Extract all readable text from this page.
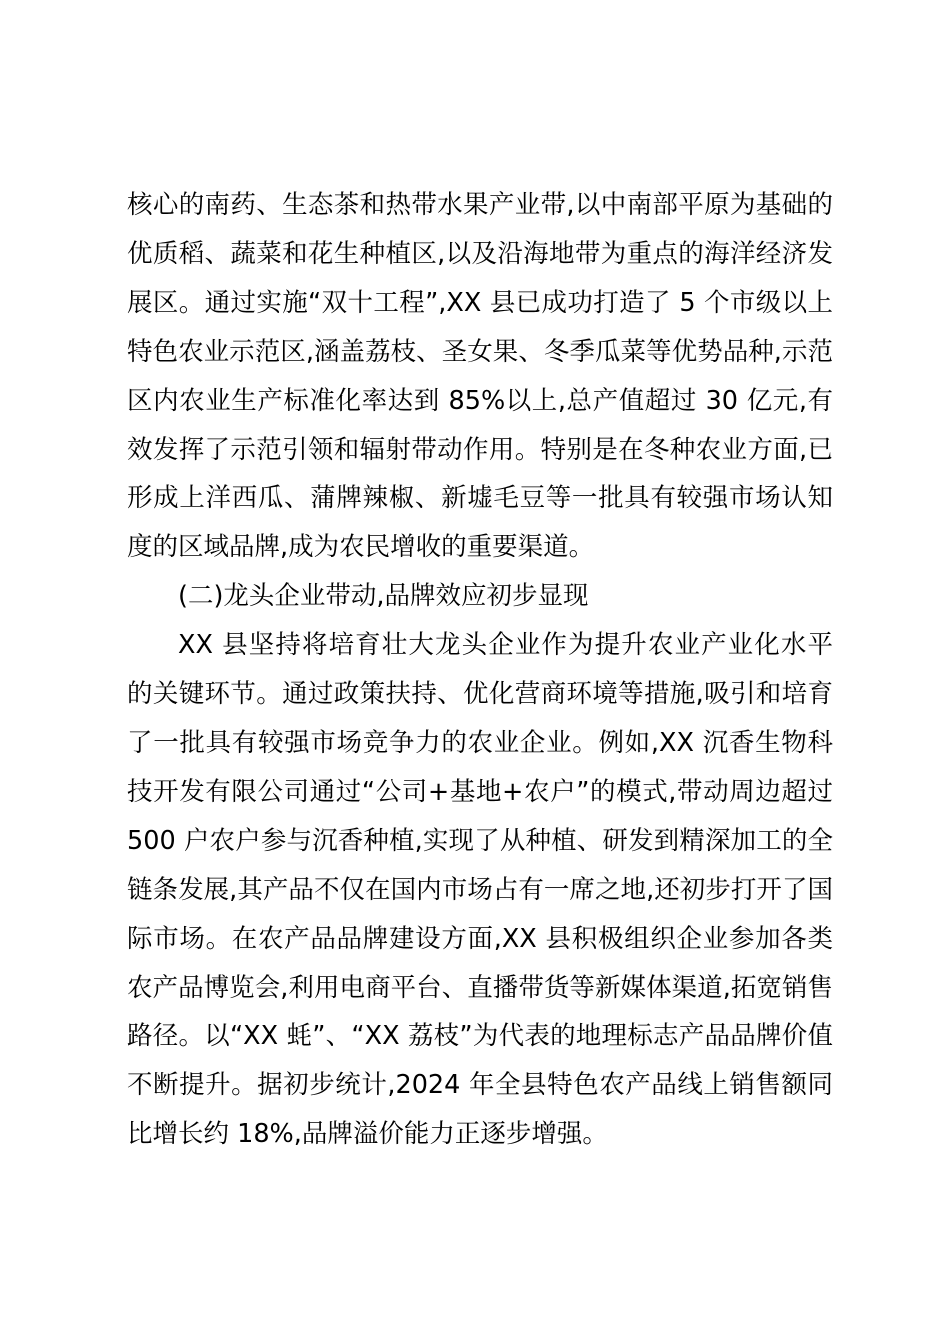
核心的南药、生态茶和热带水果产业带,以中南部平原为基础的优质稻、蔬菜和花生种植区,以及沿海地带为重点的海洋经济发展区。通过实施“双十工程”,XX 县已成功打造了 5 个市级以上特色农业示范区,涵盖荔枝、圣女果、冬季瓜菜等优势品种,示范区内农业生产标准化率达到 85%以上,总产值超过 30 亿元,有效发挥了示范引领和辐射带动作用。特别是在冬种农业方面,已形成上洋西瓜、蒲牌辣椒、新墟毛豆等一批具有较强市场认知度的区域品牌,成为农民增收的重要渠道。

(二)龙头企业带动,品牌效应初步显现

XX 县坚持将培育壮大龙头企业作为提升农业产业化水平的关键环节。通过政策扶持、优化营商环境等措施,吸引和培育了一批具有较强市场竞争力的农业企业。例如,XX 沉香生物科技开发有限公司通过“公司+基地+农户”的模式,带动周边超过500 户农户参与沉香种植,实现了从种植、研发到精深加工的全链条发展,其产品不仅在国内市场占有一席之地,还初步打开了国际市场。在农产品品牌建设方面,XX 县积极组织企业参加各类农产品博览会,利用电商平台、直播带货等新媒体渠道,拓宽销售路径。以“XX 蚝”、“XX 荔枝”为代表的地理标志产品品牌价值不断提升。据初步统计,2024 年全县特色农产品线上销售额同比增长约 18%,品牌溢价能力正逐步增强。
